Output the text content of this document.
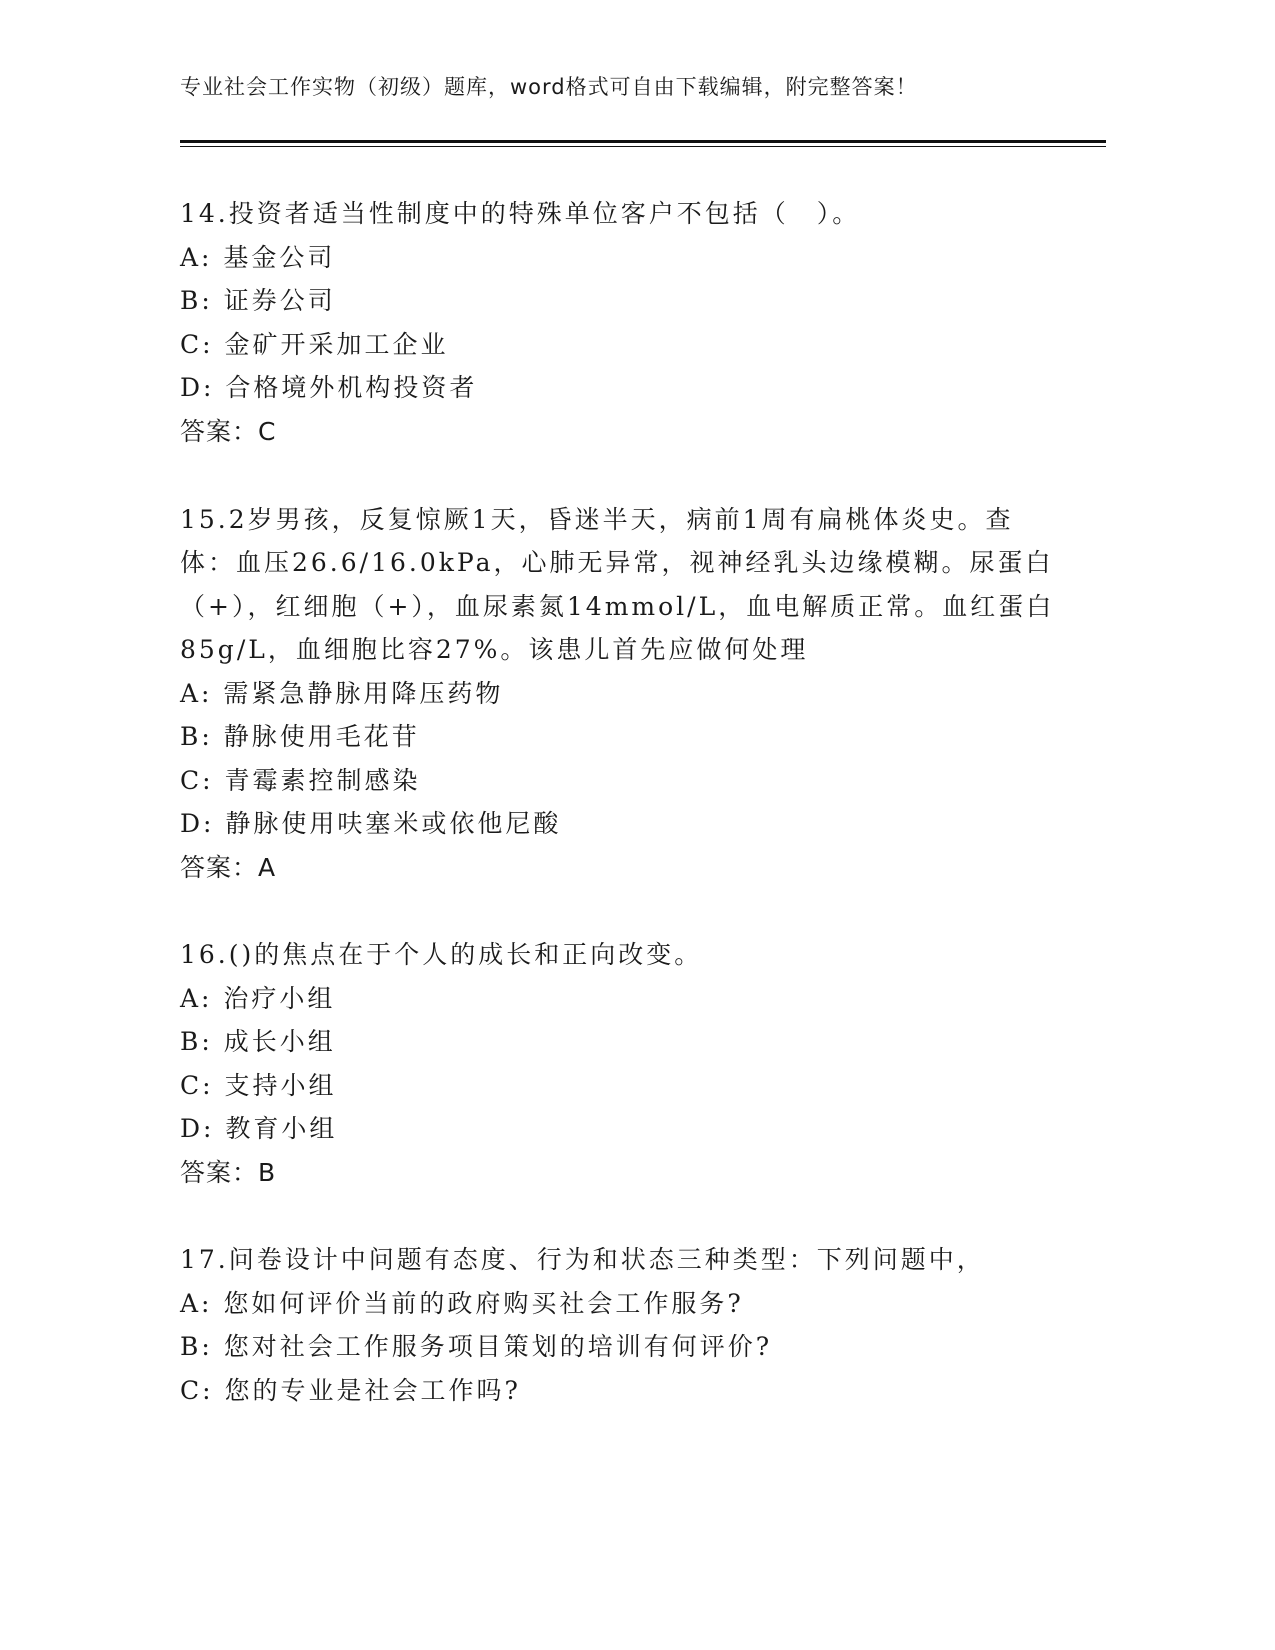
专业社会工作实物（初级）题库，word格式可自由下载编辑，附完整答案！
14.投资者适当性制度中的特殊单位客户不包括（　）。
A: 基金公司
B: 证券公司
C: 金矿开采加工企业
D: 合格境外机构投资者
答案：C
15.2岁男孩，反复惊厥1天，昏迷半天，病前1周有扁桃体炎史。查
体：血压26.6/16.0kPa，心肺无异常，视神经乳头边缘模糊。尿蛋白
（+），红细胞（+），血尿素氮14mmol/L，血电解质正常。血红蛋白
85g/L，血细胞比容27%。该患儿首先应做何处理
A: 需紧急静脉用降压药物
B: 静脉使用毛花苷
C: 青霉素控制感染
D: 静脉使用呋塞米或依他尼酸
答案：A
16.()的焦点在于个人的成长和正向改变。
A: 治疗小组
B: 成长小组
C: 支持小组
D: 教育小组
答案：B
17.问卷设计中问题有态度、行为和状态三种类型：下列问题中，
A: 您如何评价当前的政府购买社会工作服务?
B: 您对社会工作服务项目策划的培训有何评价?
C: 您的专业是社会工作吗?
